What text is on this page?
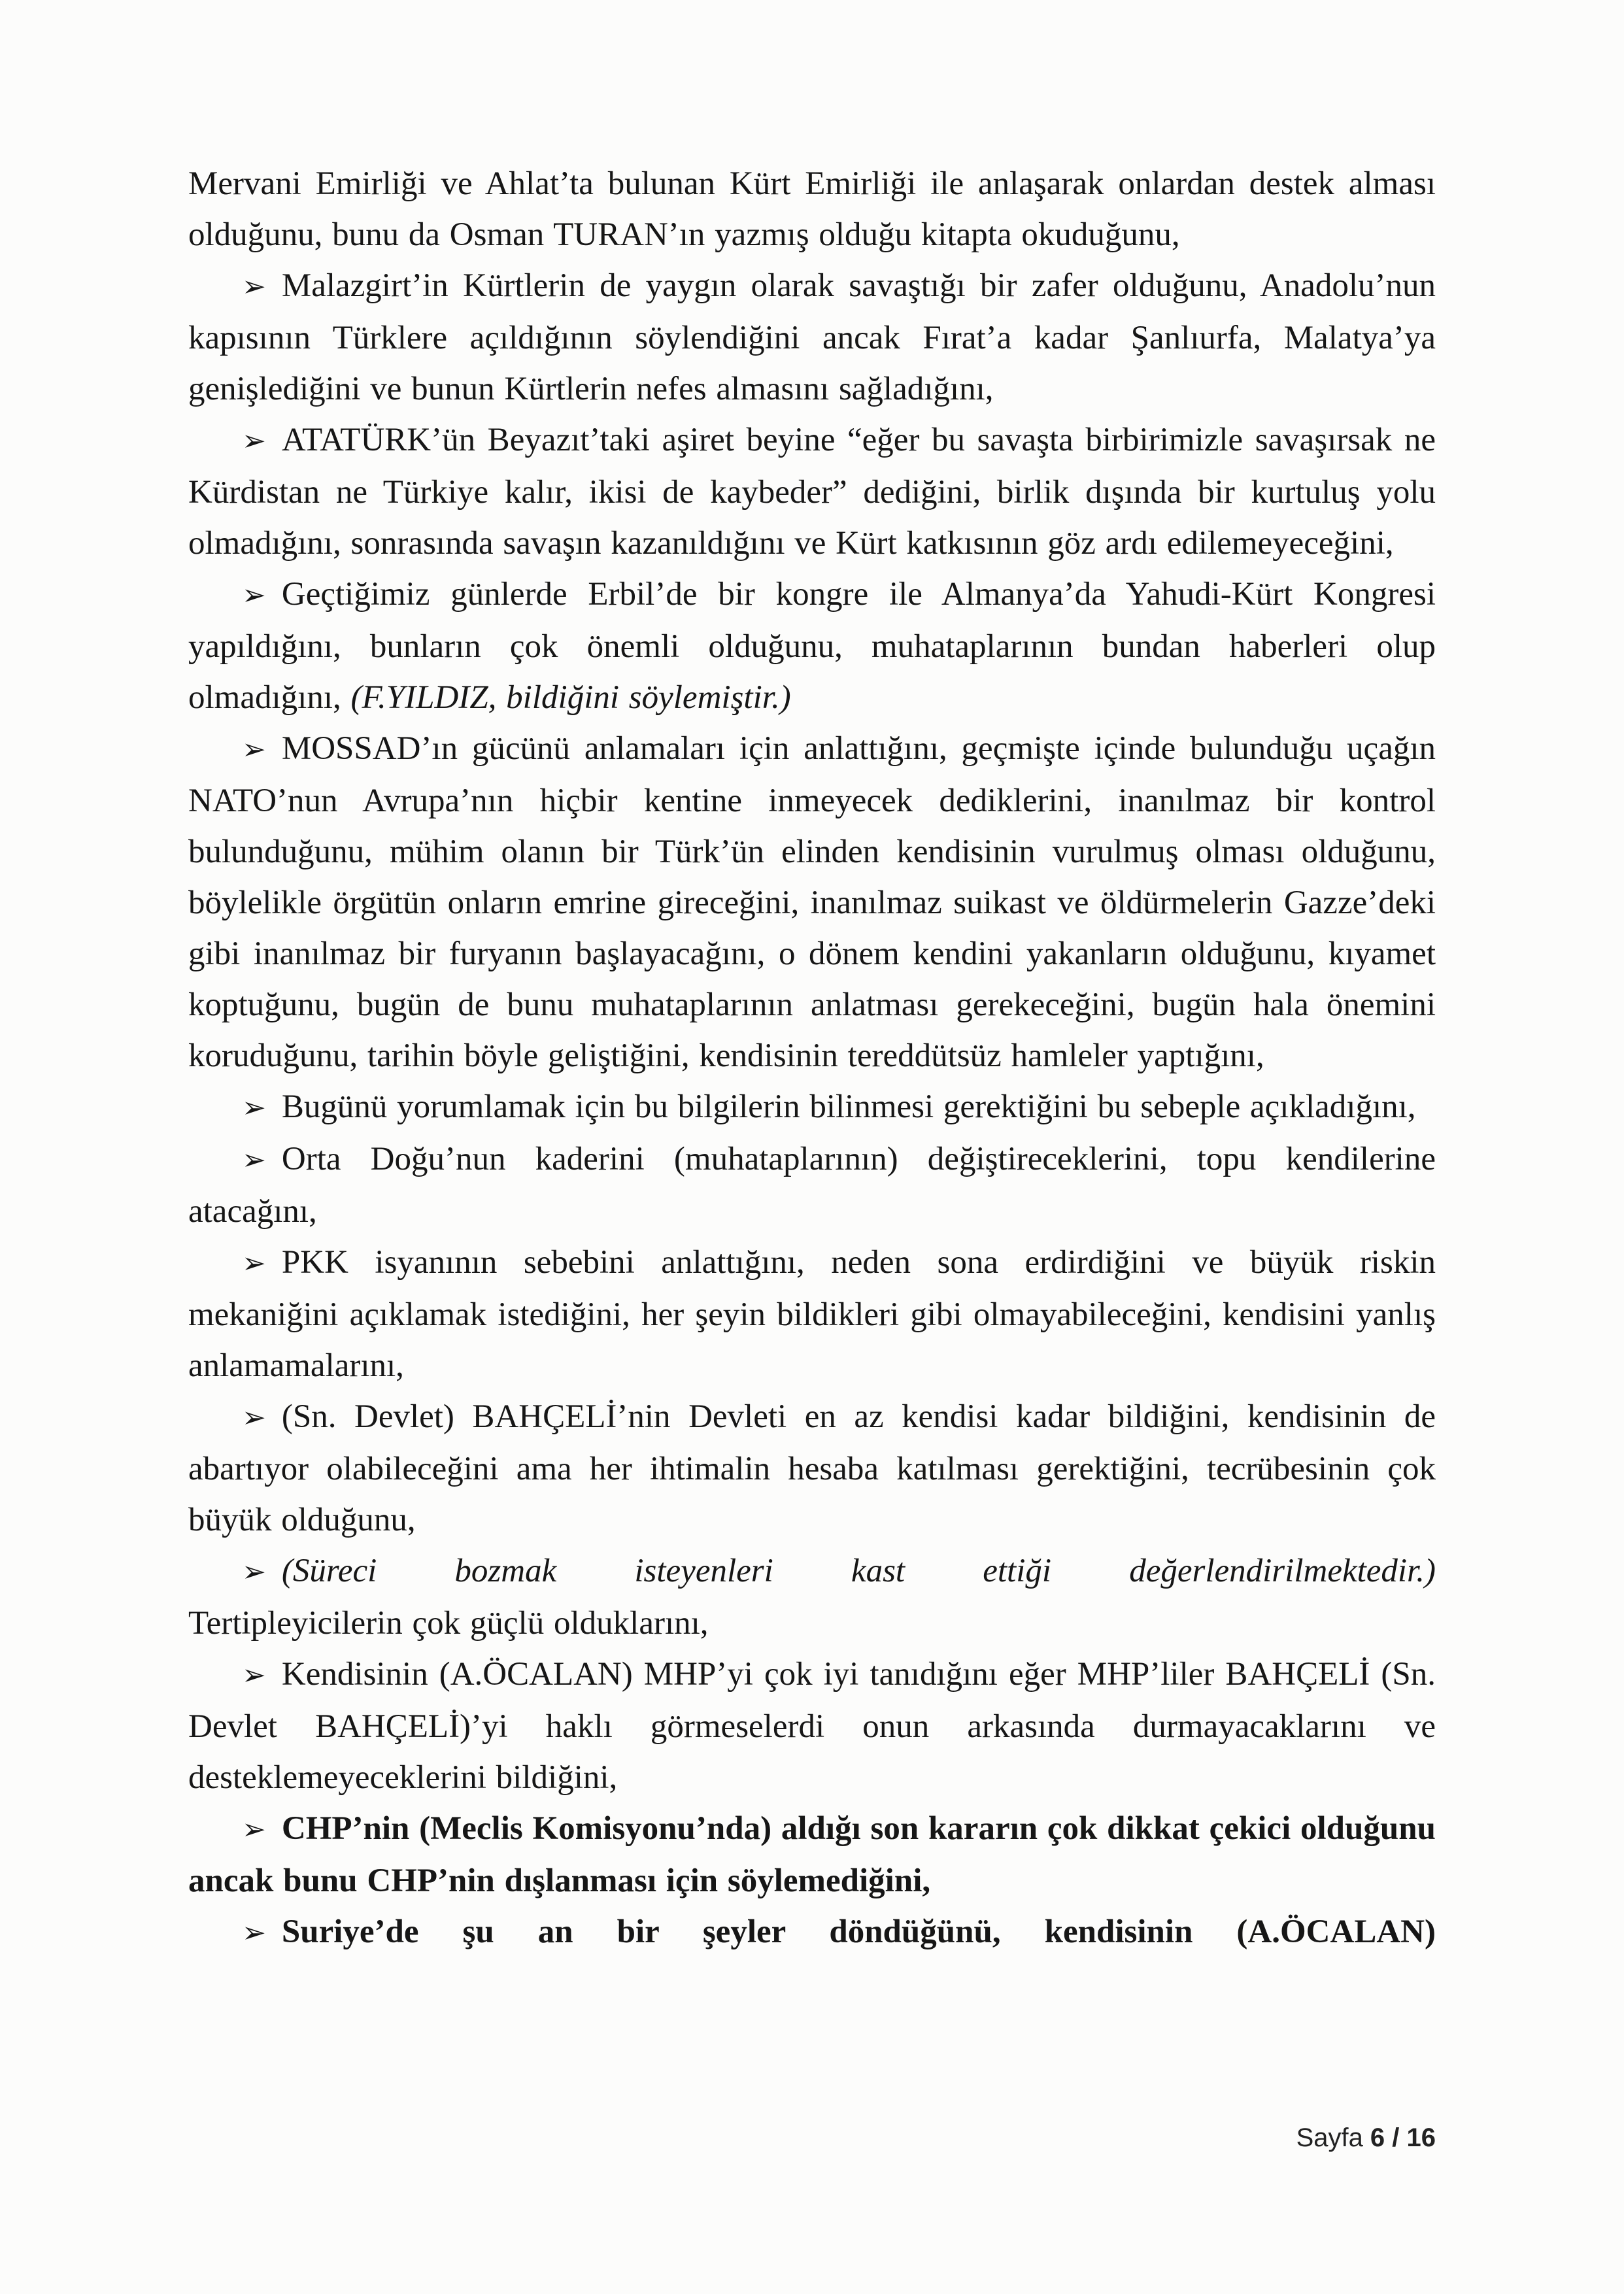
Mervani Emirliği ve Ahlat’ta bulunan Kürt Emirliği ile anlaşarak onlardan destek alması olduğunu, bunu da Osman TURAN’ın yazmış olduğu kitapta okuduğunu,

➢ Malazgirt’in Kürtlerin de yaygın olarak savaştığı bir zafer olduğunu, Anadolu’nun kapısının Türklere açıldığının söylendiğini ancak Fırat’a kadar Şanlıurfa, Malatya’ya genişlediğini ve bunun Kürtlerin nefes almasını sağladığını,

➢ ATATÜRK’ün Beyazıt’taki aşiret beyine “eğer bu savaşta birbirimizle savaşırsak ne Kürdistan ne Türkiye kalır, ikisi de kaybeder” dediğini, birlik dışında bir kurtuluş yolu olmadığını, sonrasında savaşın kazanıldığını ve Kürt katkısının göz ardı edilemeyeceğini,

➢ Geçtiğimiz günlerde Erbil’de bir kongre ile Almanya’da Yahudi-Kürt Kongresi yapıldığını, bunların çok önemli olduğunu, muhataplarının bundan haberleri olup olmadığını, (F.YILDIZ, bildiğini söylemiştir.)

➢ MOSSAD’ın gücünü anlamaları için anlattığını, geçmişte içinde bulunduğu uçağın NATO’nun Avrupa’nın hiçbir kentine inmeyecek dediklerini, inanılmaz bir kontrol bulunduğunu, mühim olanın bir Türk’ün elinden kendisinin vurulmuş olması olduğunu, böylelikle örgütün onların emrine gireceğini, inanılmaz suikast ve öldürmelerin Gazze’deki gibi inanılmaz bir furyanın başlayacağını, o dönem kendini yakanların olduğunu, kıyamet koptuğunu, bugün de bunu muhataplarının anlatması gerekeceğini, bugün hala önemini koruduğunu, tarihin böyle geliştiğini, kendisinin tereddütsüz hamleler yaptığını,

➢ Bugünü yorumlamak için bu bilgilerin bilinmesi gerektiğini bu sebeple açıkladığını,

➢ Orta Doğu’nun kaderini (muhataplarının) değiştireceklerini, topu kendilerine atacağını,

➢ PKK isyanının sebebini anlattığını, neden sona erdirdiğini ve büyük riskin mekaniğini açıklamak istediğini, her şeyin bildikleri gibi olmayabileceğini, kendisini yanlış anlamamalarını,

➢ (Sn. Devlet) BAHÇELİ’nin Devleti en az kendisi kadar bildiğini, kendisinin de abartıyor olabileceğini ama her ihtimalin hesaba katılması gerektiğini, tecrübesinin çok büyük olduğunu,

➢ (Süreci bozmak isteyenleri kast ettiği değerlendirilmektedir.)

Tertipleyicilerin çok güçlü olduklarını,

➢ Kendisinin (A.ÖCALAN) MHP’yi çok iyi tanıdığını eğer MHP’liler BAHÇELİ (Sn. Devlet BAHÇELİ)’yi haklı görmeselerdi onun arkasında durmayacaklarını ve desteklemeyeceklerini bildiğini,

➢ CHP’nin (Meclis Komisyonu’nda) aldığı son kararın çok dikkat çekici olduğunu ancak bunu CHP’nin dışlanması için söylemediğini,

➢ Suriye’de şu an bir şeyler döndüğünü, kendisinin (A.ÖCALAN)

Sayfa 6 / 16
